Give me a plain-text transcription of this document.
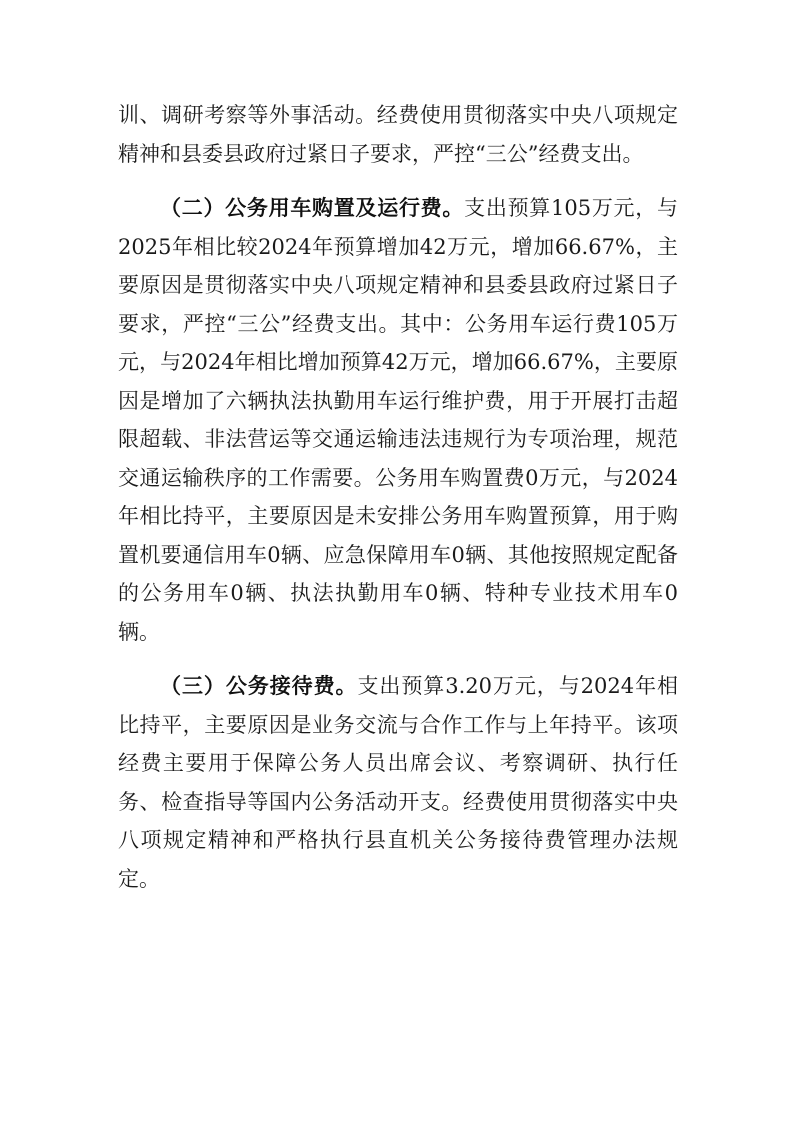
训、调研考察等外事活动。经费使用贯彻落实中央八项规定精神和县委县政府过紧日子要求，严控“三公”经费支出。

（二）公务用车购置及运行费。支出预算105万元，与2025年相比较2024年预算增加42万元，增加66.67%，主要原因是贯彻落实中央八项规定精神和县委县政府过紧日子要求，严控“三公”经费支出。其中：公务用车运行费105万元，与2024年相比增加预算42万元，增加66.67%，主要原因是增加了六辆执法执勤用车运行维护费，用于开展打击超限超载、非法营运等交通运输违法违规行为专项治理，规范交通运输秩序的工作需要。公务用车购置费0万元，与2024年相比持平，主要原因是未安排公务用车购置预算，用于购置机要通信用车0辆、应急保障用车0辆、其他按照规定配备的公务用车0辆、执法执勤用车0辆、特种专业技术用车0辆。

（三）公务接待费。支出预算3.20万元，与2024年相比持平，主要原因是业务交流与合作工作与上年持平。该项经费主要用于保障公务人员出席会议、考察调研、执行任务、检查指导等国内公务活动开支。经费使用贯彻落实中央八项规定精神和严格执行县直机关公务接待费管理办法规定。
